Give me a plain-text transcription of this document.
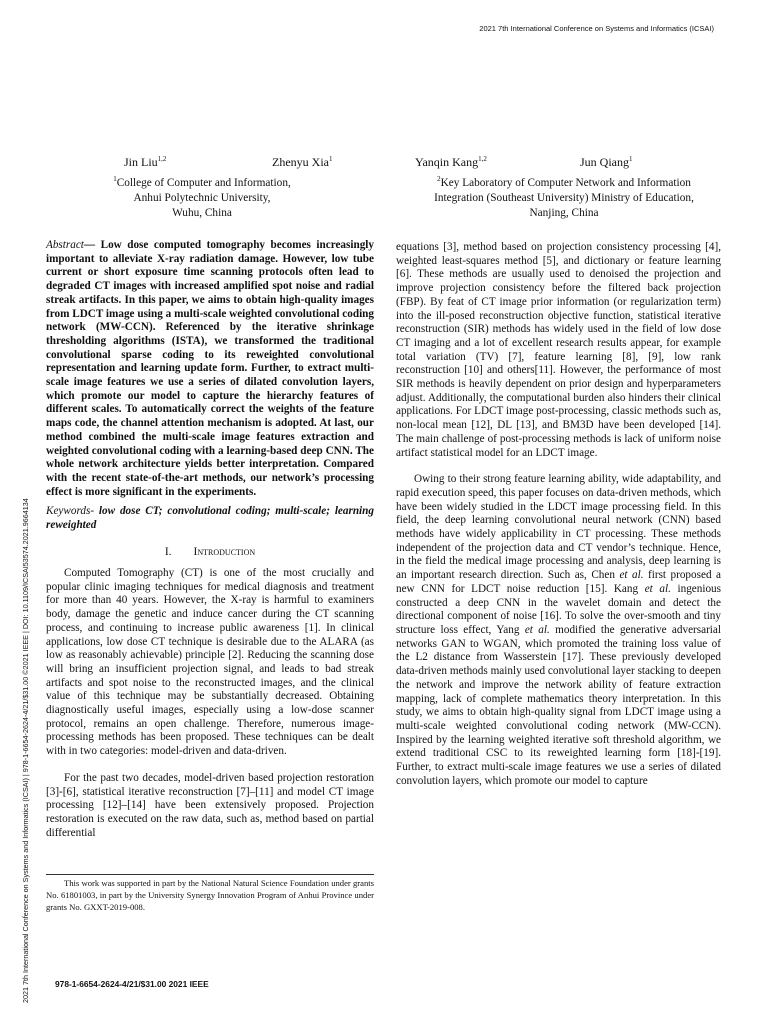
2021 7th International Conference on Systems and Informatics (ICSAI)
Jin Liu$^{1,2}$	Zhenyu Xia$^1$	Yanqin Kang$^{1,2}$	Jun Qiang$^1$

$^1$College of Computer and Information,

Anhui Polytechnic University,

Wuhu, China

$^2$Key Laboratory of Computer Network and Information

Integration (Southeast University) Ministry of Education,

Nanjing, China

Abstract— Low dose computed tomography becomes increasingly important to alleviate X-ray radiation damage. However, low tube current or short exposure time scanning protocols often lead to degraded CT images with increased amplified spot noise and radial streak artifacts. In this paper, we aims to obtain high-quality images from LDCT image using a multi-scale weighted convolutional coding network (MW-CCN). Referenced by the iterative shrinkage thresholding algorithms (ISTA), we transformed the traditional convolutional sparse coding to its reweighted convolutional representation and learning update form. Further, to extract multi-scale image features we use a series of dilated convolution layers, which promote our model to capture the hierarchy features of different scales. To automatically correct the weights of the feature maps code, the channel attention mechanism is adopted. At last, our method combined the multi-scale image features extraction and weighted convolutional coding with a learning-based deep CNN. The whole network architecture yields better interpretation. Compared with the recent state-of-the-art methods, our network’s processing effect is more significant in the experiments.

Keywords- low dose CT; convolutional coding; multi-scale; learning reweighted

I. Introduction

Computed Tomography (CT) is one of the most crucially and popular clinic imaging techniques for medical diagnosis and treatment for more than 40 years. However, the X-ray is harmful to examiners body, damage the genetic and induce cancer during the CT scanning process, and continuing to increase public awareness [1]. In clinical applications, low dose CT technique is desirable due to the ALARA (as low as reasonably achievable) principle [2]. Reducing the scanning dose will bring an insufficient projection signal, and leads to bad streak artifacts and spot noise to the reconstructed images, and the clinical value of this technique may be substantially decreased. Obtaining diagnostically useful images, especially using a low-dose scanner protocol, remains an open challenge. Therefore, numerous image-processing methods has been proposed. These techniques can be dealt with in two categories: model-driven and data-driven.

For the past two decades, model-driven based projection restoration [3]-[6], statistical iterative reconstruction [7]–[11] and model CT image processing [12]–[14] have been extensively proposed. Projection restoration is executed on the raw data, such as, method based on partial differential

This work was supported in part by the National Natural Science Foundation under grants No. 61801003, in part by the University Synergy Innovation Program of Anhui Province under grants No. GXXT-2019-008.

equations [3], method based on projection consistency processing [4], weighted least-squares method [5], and dictionary or feature learning [6]. These methods are usually used to denoised the projection and improve projection consistency before the filtered back projection (FBP). By feat of CT image prior information (or regularization term) into the ill-posed reconstruction objective function, statistical iterative reconstruction (SIR) methods has widely used in the field of low dose CT imaging and a lot of excellent research results appear, for example total variation (TV) [7], feature learning [8], [9], low rank reconstruction [10] and others[11]. However, the performance of most SIR methods is heavily dependent on prior design and hyperparameters adjust. Additionally, the computational burden also hinders their clinical applications. For LDCT image post-processing, classic methods such as, non-local mean [12], DL [13], and BM3D have been developed [14]. The main challenge of post-processing methods is lack of uniform noise artifact statistical model for an LDCT image.

Owing to their strong feature learning ability, wide adaptability, and rapid execution speed, this paper focuses on data-driven methods, which have been widely studied in the LDCT image processing field. In this field, the deep learning convolutional neural network (CNN) based methods have widely applicability in CT processing. These methods independent of the projection data and CT vendor’s technique. Hence, in the field the medical image processing and analysis, deep learning is an important research direction. Such as, Chen et al. first proposed a new CNN for LDCT noise reduction [15]. Kang et al. ingenious constructed a deep CNN in the wavelet domain and detect the directional component of noise [16]. To solve the over-smooth and tiny structure loss effect, Yang et al. modified the generative adversarial networks GAN to WGAN, which promoted the training loss value of the L2 distance from Wasserstein [17]. These previously developed data-driven methods mainly used convolutional layer stacking to deepen the network and improve the network ability of feature extraction mapping, lack of complete mathematics theory interpretation. In this study, we aims to obtain high-quality signal from LDCT image using a multi-scale weighted convolutional coding network (MW-CCN). Inspired by the learning weighted iterative soft threshold algorithm, we extend traditional CSC to its reweighted learning form [18]-[19]. Further, to extract multi-scale image features we use a series of dilated convolution layers, which promote our model to capture

978-1-6654-2624-4/21/$31.00 2021 IEEE
2021 7th International Conference on Systems and Informatics (ICSAI) | 978-1-6654-2624-4/21/$31.00 ©2021 IEEE | DOI: 10.1109/ICSAI53574.2021.9664134
